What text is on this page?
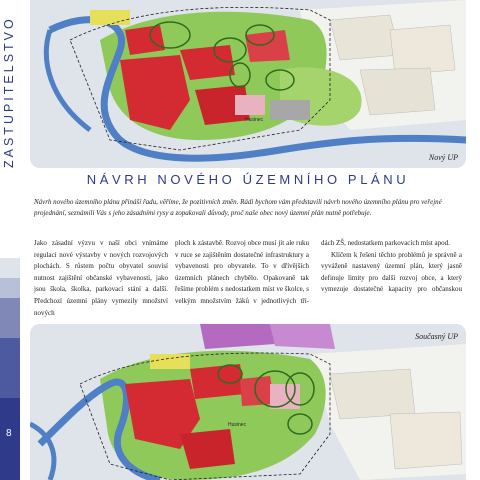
ZASTUPITELSTVO
8
Husinec
Nový UP
NÁVRH NOVÉHO ÚZEMNÍHO PLÁNU

Návrh nového územního plánu přináší řadu, věříme, že pozitivních změn. Rádi bychom vám představili návrh nového územního plánu pro veřejné projednání, seznámili Vás s jeho zásadními rysy a zopakovali důvody, proč naše obec nový územní plán nutně potřebuje.

Jako zásadní výzvu v naší obci vnímáme regulaci nové výstavby v nových rozvojových plochách. S růstem počtu obyvatel souvisí nutnost zajištění občanské vybavenosti, jako jsou škola, školka, parkovací stání a další. Předchozí územní plány vymezily množství nových

ploch k zástavbě. Rozvoj obce musí jít ale ruku v ruce se zajištěním dostatečné infrastruktury a vybavenosti pro obyvatele. To v dřívějších územních plánech chybělo. Opakovaně tak řešíme problém s nedostatkem míst ve školce, s velkým množstvím žáků v jednotlivých tří-

dách ZŠ, nedostatkem parkovacích míst apod.

Klíčem k řešení těchto problémů je správně a vyváženě nastavený územní plán, který jasně definuje limity pro další rozvoj obce, a který vymezuje dostatečné kapacity pro občanskou

Husinec
Současný UP
